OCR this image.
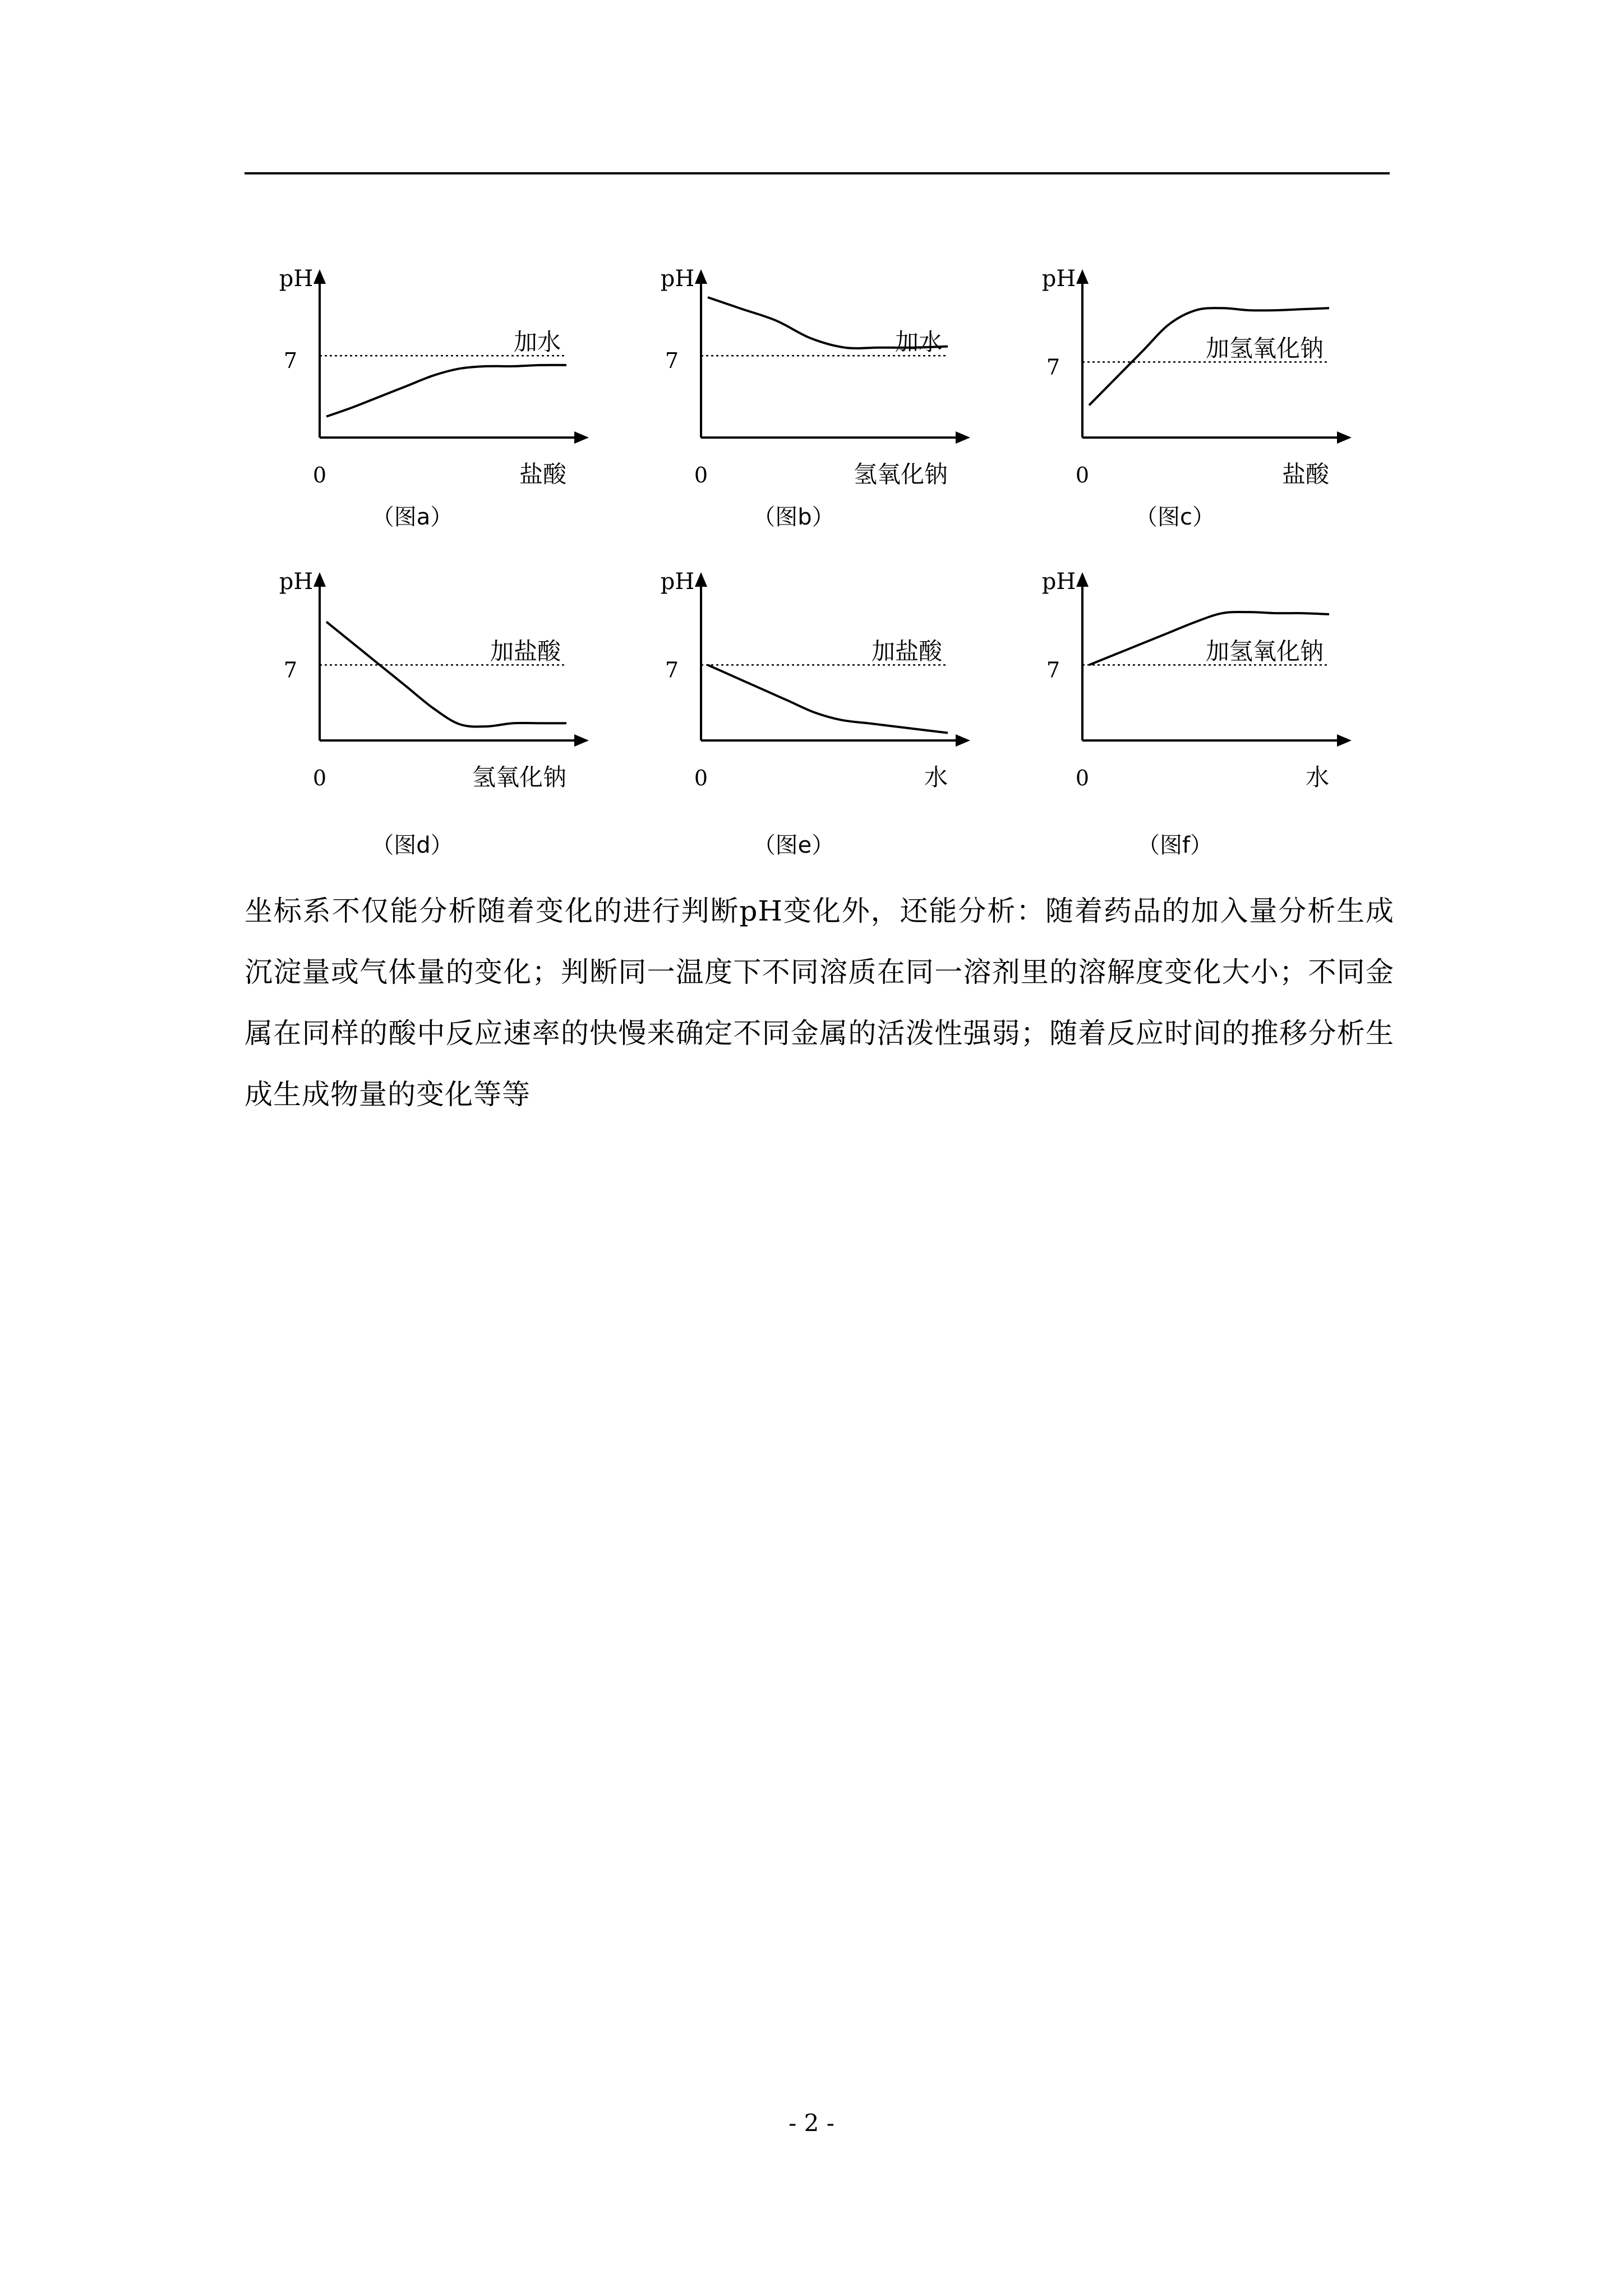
pH
7
0	盐酸
加水
（图a）
pH
7
0	氢氧化钠
加水
（图b）
pH
7
0	盐酸
加氢氧化钠
（图c）
pH
7
0	氢氧化钠
加盐酸
（图d）
pH
7
0	水
加盐酸
（图e）
pH
7
0	水
加氢氧化钠
（图f）
坐标系不仅能分析随着变化的进行判断pH变化外，还能分析：随着药品的加入量分析生成沉淀量或气体量的变化；判断同一温度下不同溶质在同一溶剂里的溶解度变化大小；不同金属在同样的酸中反应速率的快慢来确定不同金属的活泼性强弱；随着反应时间的推移分析生成生成物量的变化等等
- 2 -
